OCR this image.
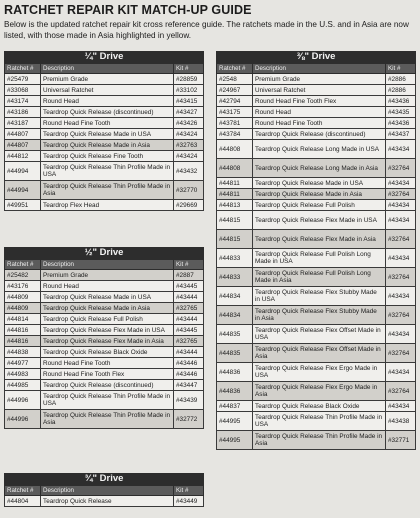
RATCHET REPAIR KIT MATCH-UP GUIDE
Below is the updated ratchet repair kit cross reference guide. The ratchets made in the U.S. and in Asia are now listed, with those made in Asia highlighted in yellow.
¼" Drive
Ratchet #	Description	Kit #
#25479	Premium Grade	#28859
#33068	Universal Ratchet	#33102
#43174	Round Head	#43415
#43186	Teardrop Quick Release (discontinued)	#43427
#43187	Round Head Fine Tooth	#43426
#44807	Teardrop Quick Release Made in USA	#43424
#44807	Teardrop Quick Release Made in Asia	#32763
#44812	Teardrop Quick Release Fine Tooth	#43424
#44994	Teardrop Quick Release Thin Profile Made in USA	#43432
#44994	Teardrop Quick Release Thin Profile Made in Asia	#32770
#49951	Teardrop Flex Head	#29669
½" Drive
Ratchet #	Description	Kit #
#25482	Premium Grade	#2887
#43176	Round Head	#43445
#44809	Teardrop Quick Release Made in USA	#43444
#44809	Teardrop Quick Release Made in Asia	#32765
#44814	Teardrop Quick Release Full Polish	#43444
#44816	Teardrop Quick Release Flex Made in USA	#43445
#44816	Teardrop Quick Release Flex Made in Asia	#32765
#44838	Teardrop Quick Release Black Oxide	#43444
#44977	Round Head Fine Tooth	#43446
#44983	Round Head Fine Tooth Flex	#43446
#44985	Teardrop Quick Release (discontinued)	#43447
#44996	Teardrop Quick Release Thin Profile Made in USA	#43439
#44996	Teardrop Quick Release Thin Profile Made in Asia	#32772
¾" Drive
Ratchet #	Description	Kit #
#44804	Teardrop Quick Release	#43449
⅜" Drive
Ratchet #	Description	Kit #
#2548	Premium Grade	#2886
#24967	Universal Ratchet	#2886
#42794	Round Head Fine Tooth Flex	#43436
#43175	Round Head	#43435
#43781	Round Head Fine Tooth	#43436
#43784	Teardrop Quick Release (discontinued)	#43437
#44808	Teardrop Quick Release Long Made in USA	#43434
#44808	Teardrop Quick Release Long Made in Asia	#32764
#44811	Teardrop Quick Release Made in USA	#43434
#44811	Teardrop Quick Release Made in Asia	#32764
#44813	Teardrop Quick Release Full Polish	#43434
#44815	Teardrop Quick Release Flex Made in USA	#43434
#44815	Teardrop Quick Release Flex Made in Asia	#32764
#44833	Teardrop Quick Release Full Polish Long Made in USA	#43434
#44833	Teardrop Quick Release Full Polish Long Made in Asia	#32764
#44834	Teardrop Quick Release Flex Stubby Made in USA	#43434
#44834	Teardrop Quick Release Flex Stubby Made in Asia	#32764
#44835	Teardrop Quick Release Flex Offset Made in USA	#43434
#44835	Teardrop Quick Release Flex Offset Made in Asia	#32764
#44836	Teardrop Quick Release Flex Ergo Made in USA	#43434
#44836	Teardrop Quick Release Flex Ergo Made in Asia	#32764
#44837	Teardrop Quick Release Black Oxide	#43434
#44995	Teardrop Quick Release Thin Profile Made in USA	#43438
#44995	Teardrop Quick Release Thin Profile Made in Asia	#32771
